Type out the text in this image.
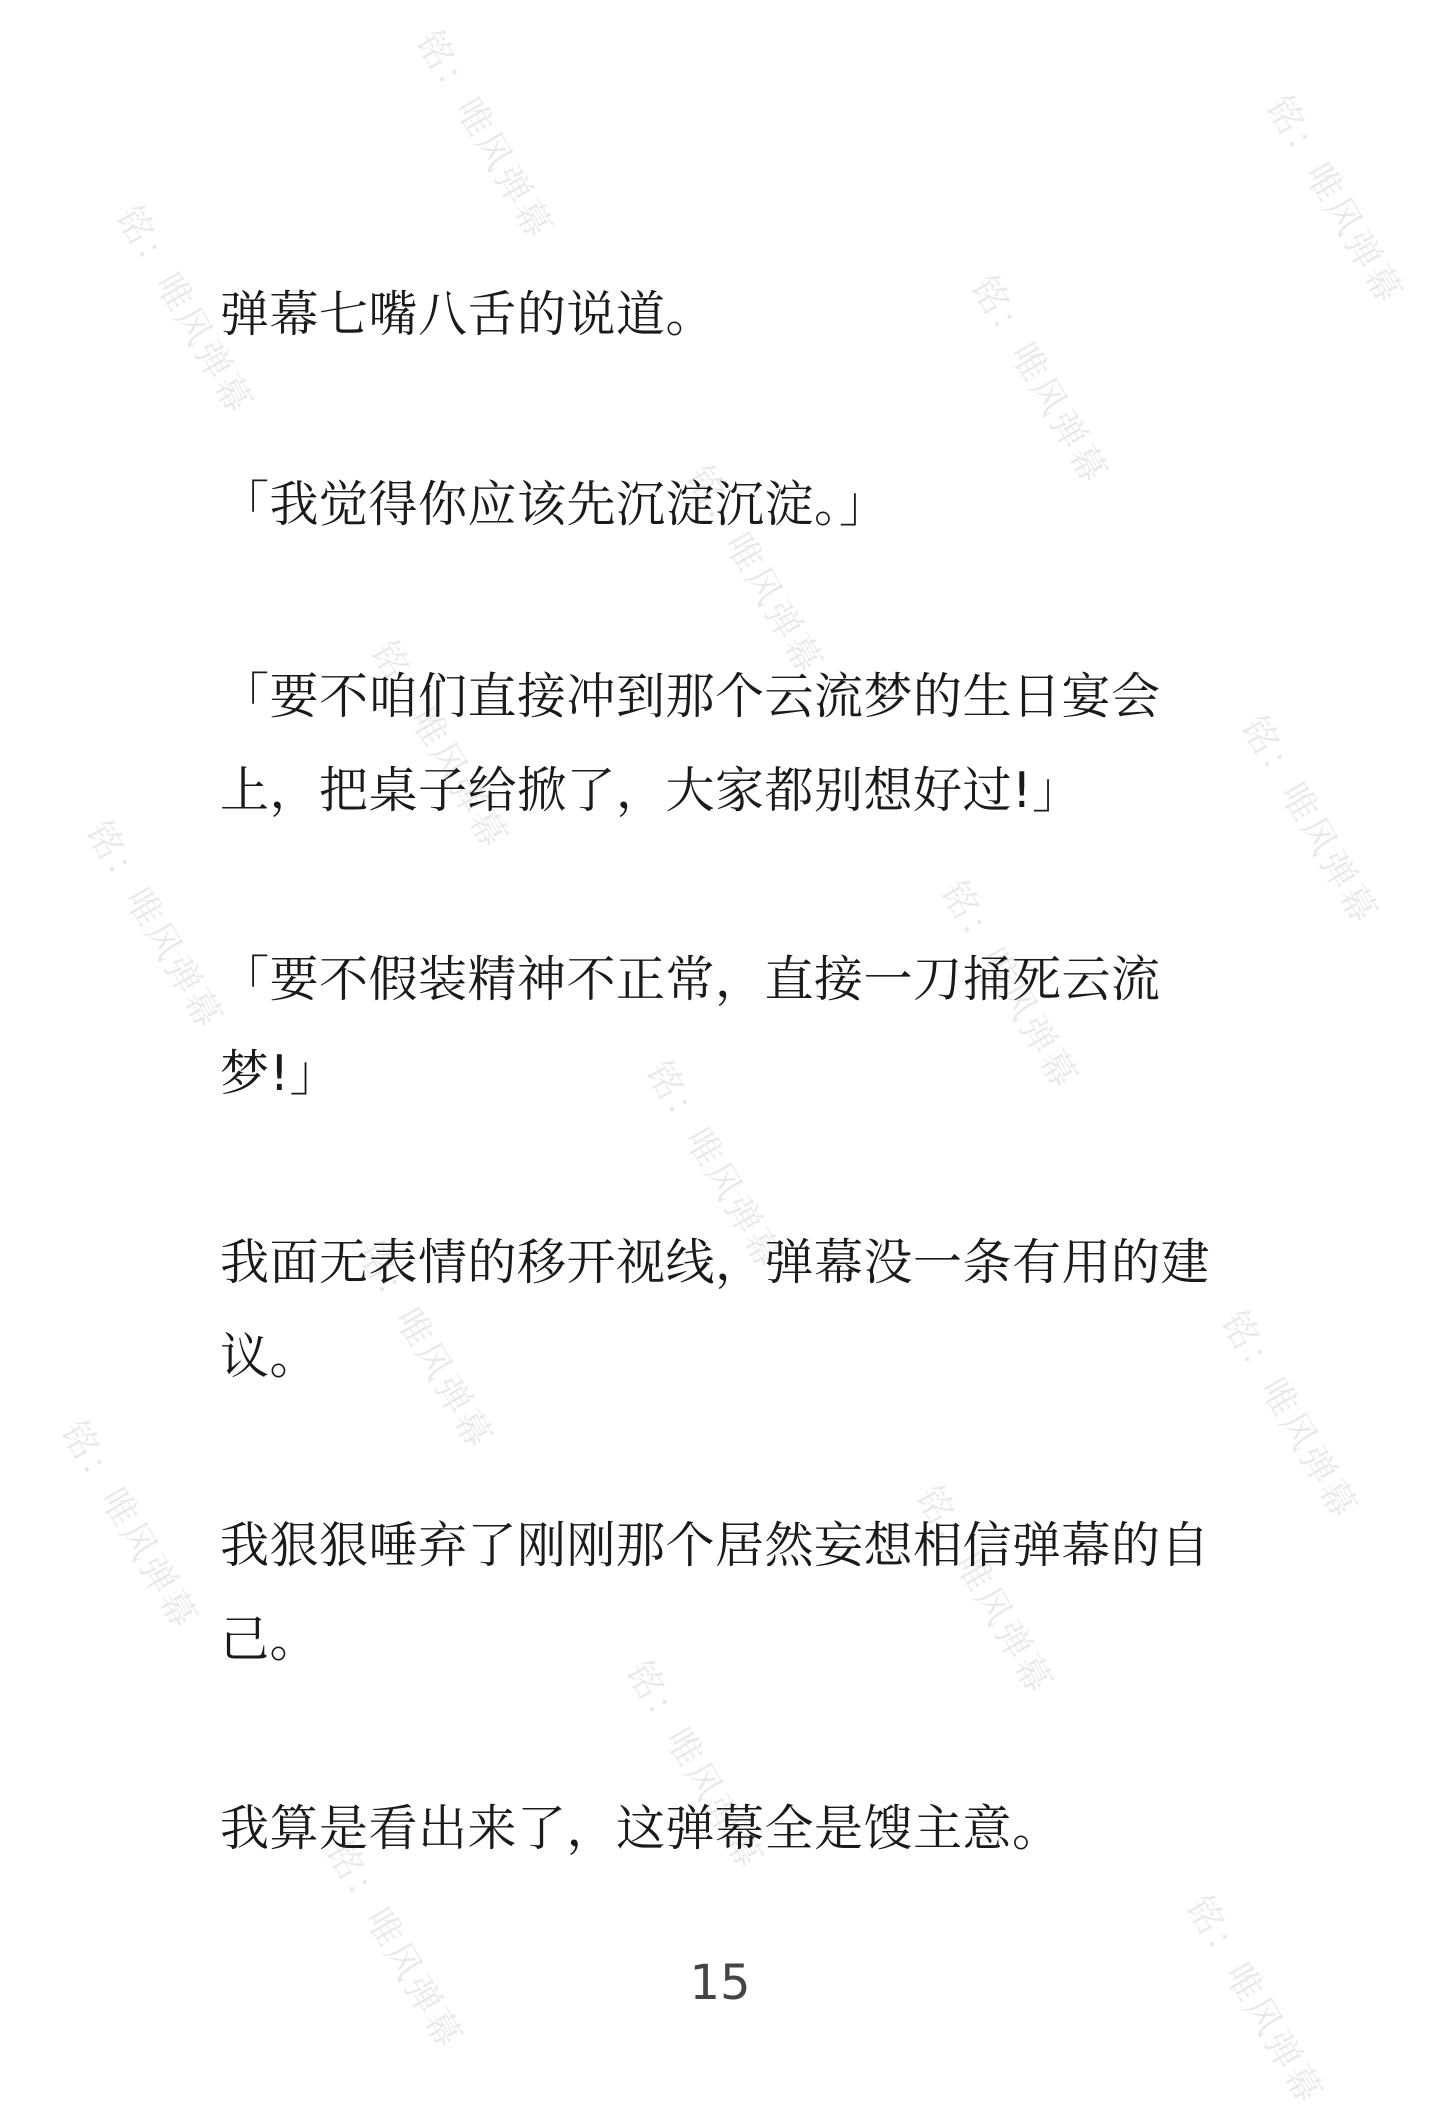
铭：唯风弹幕	铭：唯风弹幕
铭：唯风弹幕	铭：唯风弹幕
铭：唯风弹幕
铭：唯风弹幕	铭：唯风弹幕
铭：唯风弹幕	铭：唯风弹幕
铭：唯风弹幕
铭：唯风弹幕	铭：唯风弹幕
铭：唯风弹幕	铭：唯风弹幕
铭：唯风弹幕
铭：唯风弹幕	铭：唯风弹幕

弹幕七嘴八舌的说道。

「我觉得你应该先沉淀沉淀。」

「要不咱们直接冲到那个云流梦的生日宴会上，把桌子给掀了，大家都别想好过!」

「要不假装精神不正常，直接一刀捅死云流梦!」

我面无表情的移开视线，弹幕没一条有用的建议。

我狠狠唾弃了刚刚那个居然妄想相信弹幕的自己。

我算是看出来了，这弹幕全是馊主意。

15
